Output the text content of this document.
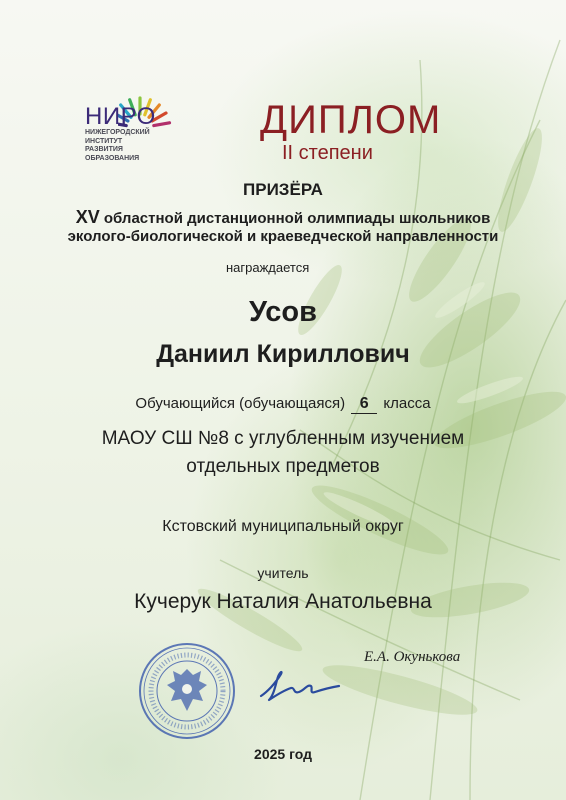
НИРО
НИЖЕГОРОДСКИЙ
ИНСТИТУТ
РАЗВИТИЯ
ОБРАЗОВАНИЯ
ДИПЛОМ
II степени
ПРИЗЁРА
XV областной дистанционной олимпиады школьников
эколого-биологической и краеведческой направленности
награждается
Усов
Даниил Кириллович
Обучающийся (обучающаяся) 6 класса
МАОУ СШ №8 с углубленным изучением
отдельных предметов
Кстовский муниципальный округ
учитель
Кучерук Наталия Анатольевна
Е.А. Окунькова
2025 год
